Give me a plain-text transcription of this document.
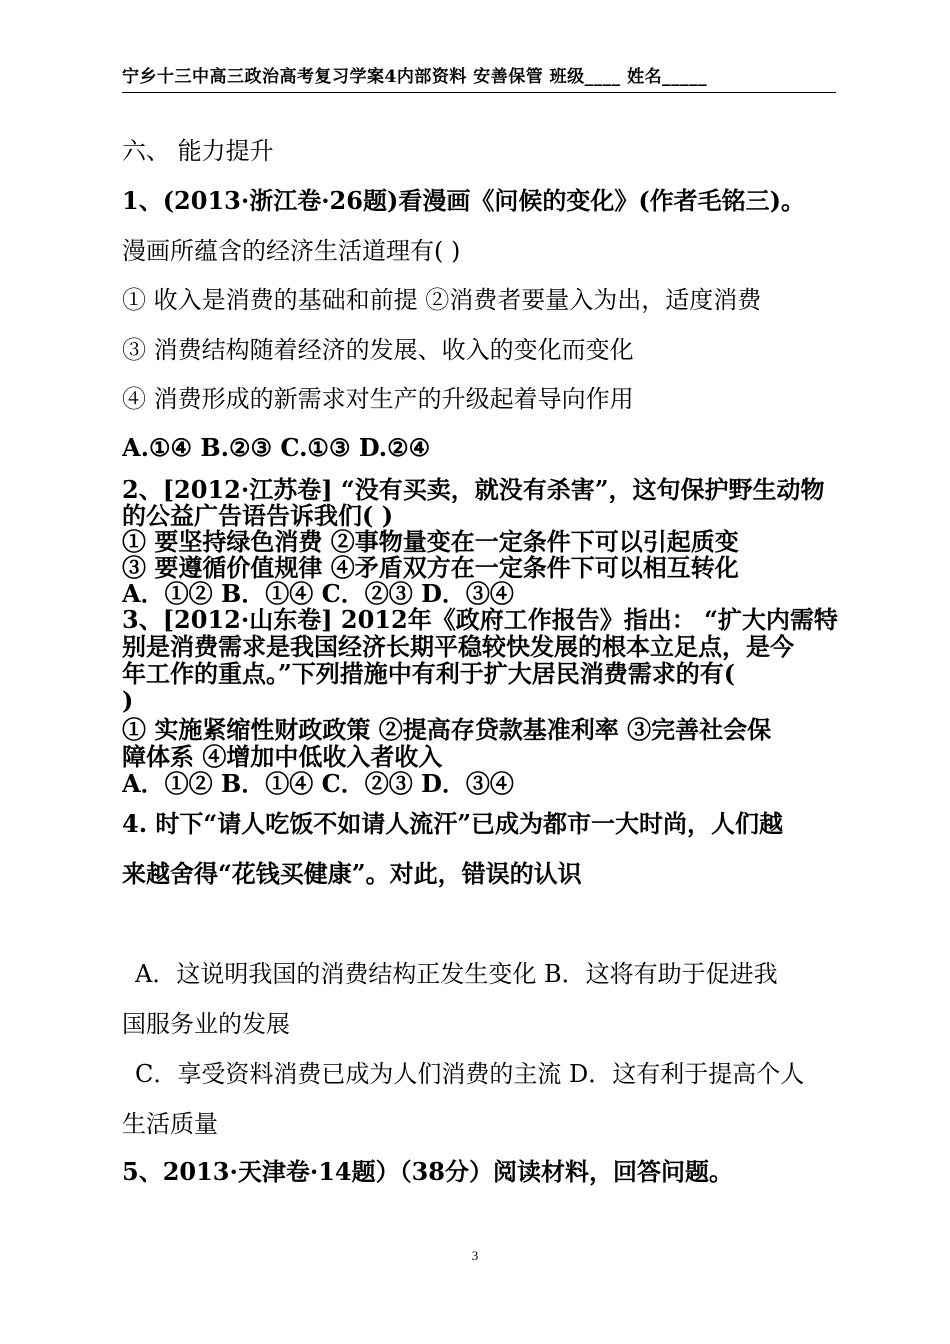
宁乡十三中高三政治高考复习学案4内部资料 安善保管 班级____ 姓名_____
六、 能力提升
1、(2013·浙江卷·26题)看漫画《问候的变化》(作者毛铭三)。
漫画所蕴含的经济生活道理有( )
① 收入是消费的基础和前提 ②消费者要量入为出，适度消费
③ 消费结构随着经济的发展、收入的变化而变化
④ 消费形成的新需求对生产的升级起着导向作用
A.①④ B.②③ C.①③ D.②④
2、[2012·江苏卷] “没有买卖，就没有杀害”，这句保护野生动物
的公益广告语告诉我们( )
① 要坚持绿色消费 ②事物量变在一定条件下可以引起质变
③ 要遵循价值规律 ④矛盾双方在一定条件下可以相互转化
A．①② B．①④ C．②③ D．③④
3、[2012·山东卷] 2012年《政府工作报告》指出： “扩大内需特
别是消费需求是我国经济长期平稳较快发展的根本立足点，是今
年工作的重点。”下列措施中有利于扩大居民消费需求的有(
)
① 实施紧缩性财政政策 ②提高存贷款基准利率 ③完善社会保
障体系 ④增加中低收入者收入
A．①② B．①④ C．②③ D．③④
4. 时下“请人吃饭不如请人流汗”已成为都市一大时尚，人们越
来越舍得“花钱买健康”。对此，错误的认识
A．这说明我国的消费结构正发生变化 B．这将有助于促进我
国服务业的发展
C．享受资料消费已成为人们消费的主流 D．这有利于提高个人
生活质量
5、2013·天津卷·14题）（38分）阅读材料，回答问题。
3
